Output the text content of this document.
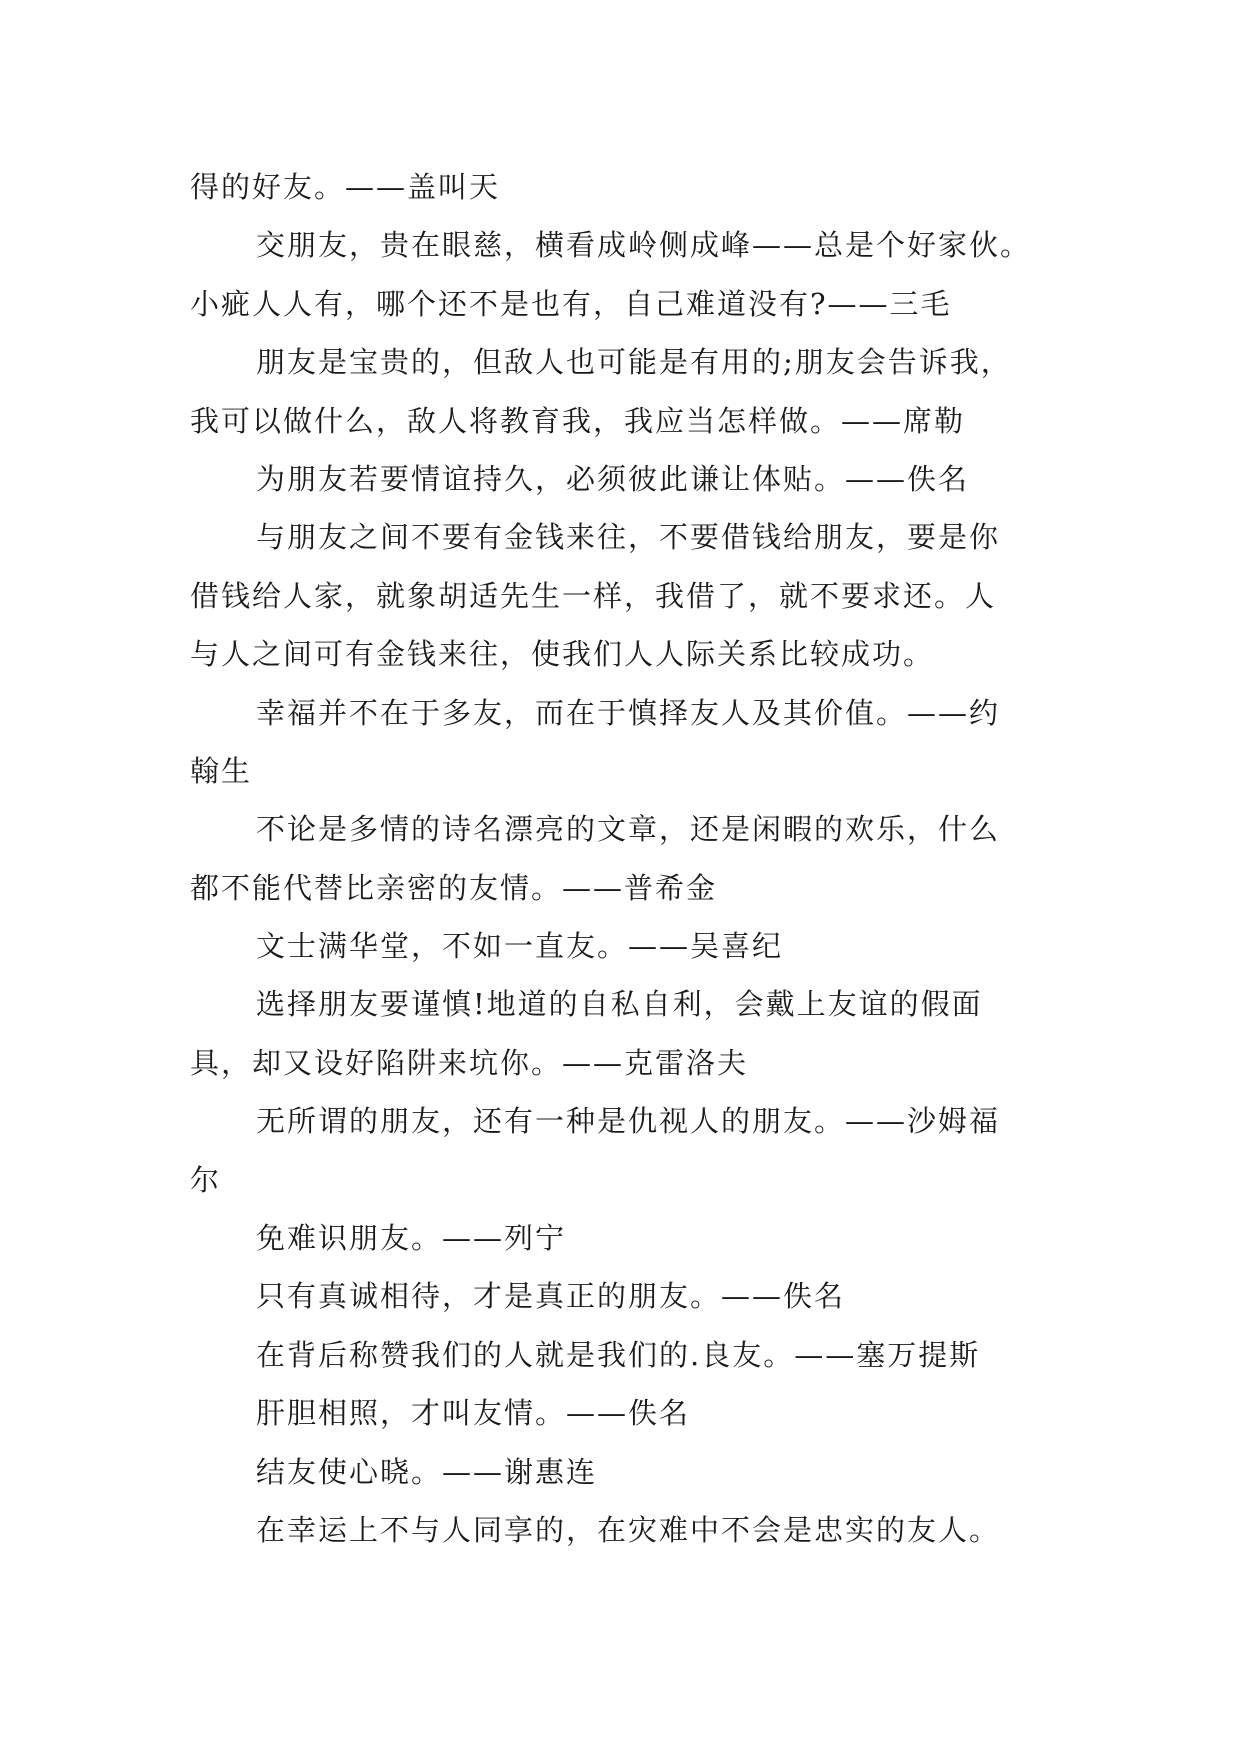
得的好友。——盖叫天
交朋友，贵在眼慈，横看成岭侧成峰——总是个好家伙。
小疵人人有，哪个还不是也有，自己难道没有?——三毛
朋友是宝贵的，但敌人也可能是有用的;朋友会告诉我，
我可以做什么，敌人将教育我，我应当怎样做。——席勒
为朋友若要情谊持久，必须彼此谦让体贴。——佚名
与朋友之间不要有金钱来往，不要借钱给朋友，要是你
借钱给人家，就象胡适先生一样，我借了，就不要求还。人
与人之间可有金钱来往，使我们人人际关系比较成功。
幸福并不在于多友，而在于慎择友人及其价值。——约
翰生
不论是多情的诗名漂亮的文章，还是闲暇的欢乐，什么
都不能代替比亲密的友情。——普希金
文士满华堂，不如一直友。——吴喜纪
选择朋友要谨慎!地道的自私自利，会戴上友谊的假面
具，却又设好陷阱来坑你。——克雷洛夫
无所谓的朋友，还有一种是仇视人的朋友。——沙姆福
尔
免难识朋友。——列宁
只有真诚相待，才是真正的朋友。——佚名
在背后称赞我们的人就是我们的.良友。——塞万提斯
肝胆相照，才叫友情。——佚名
结友使心晓。——谢惠连
在幸运上不与人同享的，在灾难中不会是忠实的友人。
